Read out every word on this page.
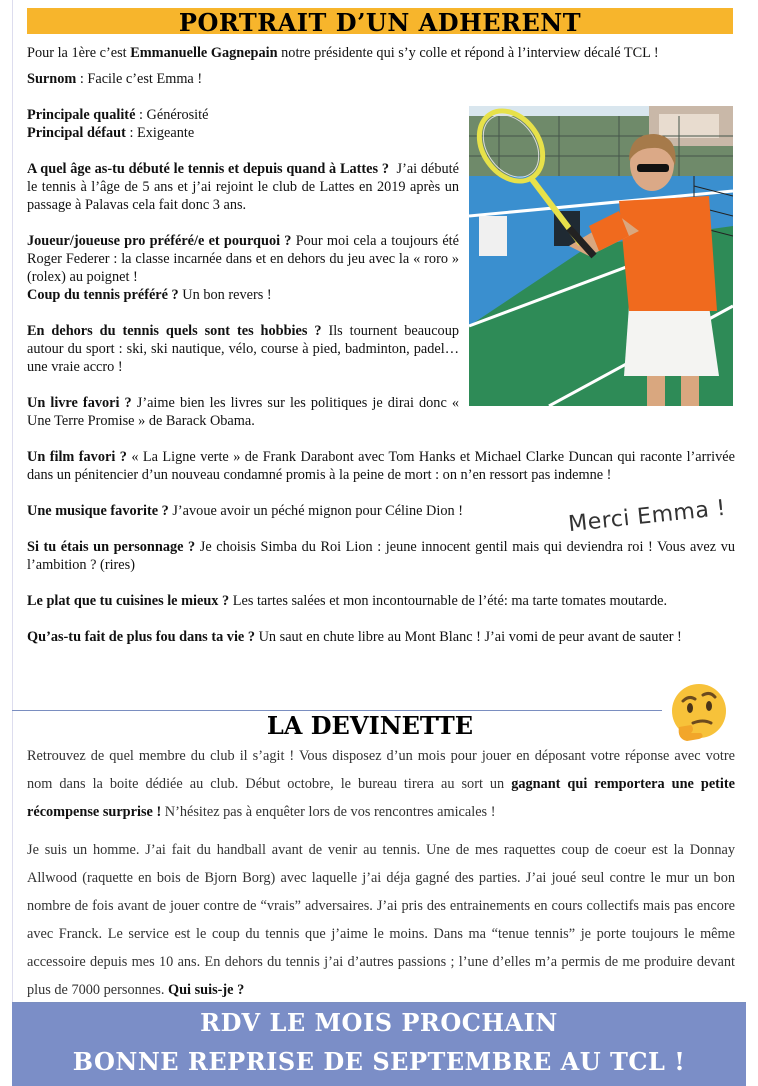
PORTRAIT D’UN ADHERENT

Pour la 1ère c’est Emmanuelle Gagnepain notre présidente qui s’y colle et répond à l’interview décalé TCL !

Surnom : Facile c’est Emma !

Principale qualité : Générosité

Principal défaut : Exigeante

A quel âge as-tu débuté le tennis et depuis quand à Lattes ? J’ai débuté le tennis à l’âge de 5 ans et j’ai rejoint le club de Lattes en 2019 après un passage à Palavas cela fait donc 3 ans.

Joueur/joueuse pro préféré/e et pourquoi ? Pour moi cela a toujours été Roger Federer : la classe incarnée dans et en dehors du jeu avec la « roro » (rolex) au poignet !

Coup du tennis préféré ? Un bon revers !

En dehors du tennis quels sont tes hobbies ? Ils tournent beaucoup autour du sport : ski, ski nautique, vélo, course à pied, badminton, padel…une vraie accro !

Un livre favori ? J’aime bien les livres sur les politiques je dirai donc « Une Terre Promise » de Barack Obama.

Un film favori ? « La Ligne verte » de Frank Darabont avec Tom Hanks et Michael Clarke Duncan qui raconte l’arrivée dans un pénitencier d’un nouveau condamné promis à la peine de mort : on n’en ressort pas indemne !

Une musique favorite ? J’avoue avoir un péché mignon pour Céline Dion !

Si tu étais un personnage ? Je choisis Simba du Roi Lion : jeune innocent gentil mais qui deviendra roi ! Vous avez vu l’ambition ? (rires)

Le plat que tu cuisines le mieux ? Les tartes salées et mon incontournable de l’été: ma tarte tomates moutarde.

Qu’as-tu fait de plus fou dans ta vie ? Un saut en chute libre au Mont Blanc ! J’ai vomi de peur avant de sauter !

Merci Emma !
LA DEVINETTE

Retrouvez de quel membre du club il s’agit ! Vous disposez d’un mois pour jouer en déposant votre réponse avec votre nom dans la boite dédiée au club. Début octobre, le bureau tirera au sort un gagnant qui remportera une petite récompense surprise ! N’hésitez pas à enquêter lors de vos rencontres amicales !

Je suis un homme. J’ai fait du handball avant de venir au tennis. Une de mes raquettes coup de coeur est la Donnay Allwood (raquette en bois de Bjorn Borg) avec laquelle j’ai déja gagné des parties. J’ai joué seul contre le mur un bon nombre de fois avant de jouer contre de “vrais” adversaires. J’ai pris des entrainements en cours collectifs mais pas encore avec Franck. Le service est le coup du tennis que j’aime le moins. Dans ma “tenue tennis” je porte toujours le même accessoire depuis mes 10 ans. En dehors du tennis j’ai d’autres passions ; l’une d’elles m’a permis de me produire devant plus de 7000 personnes. Qui suis-je ?

RDV LE MOIS PROCHAIN
BONNE REPRISE DE SEPTEMBRE AU TCL !
